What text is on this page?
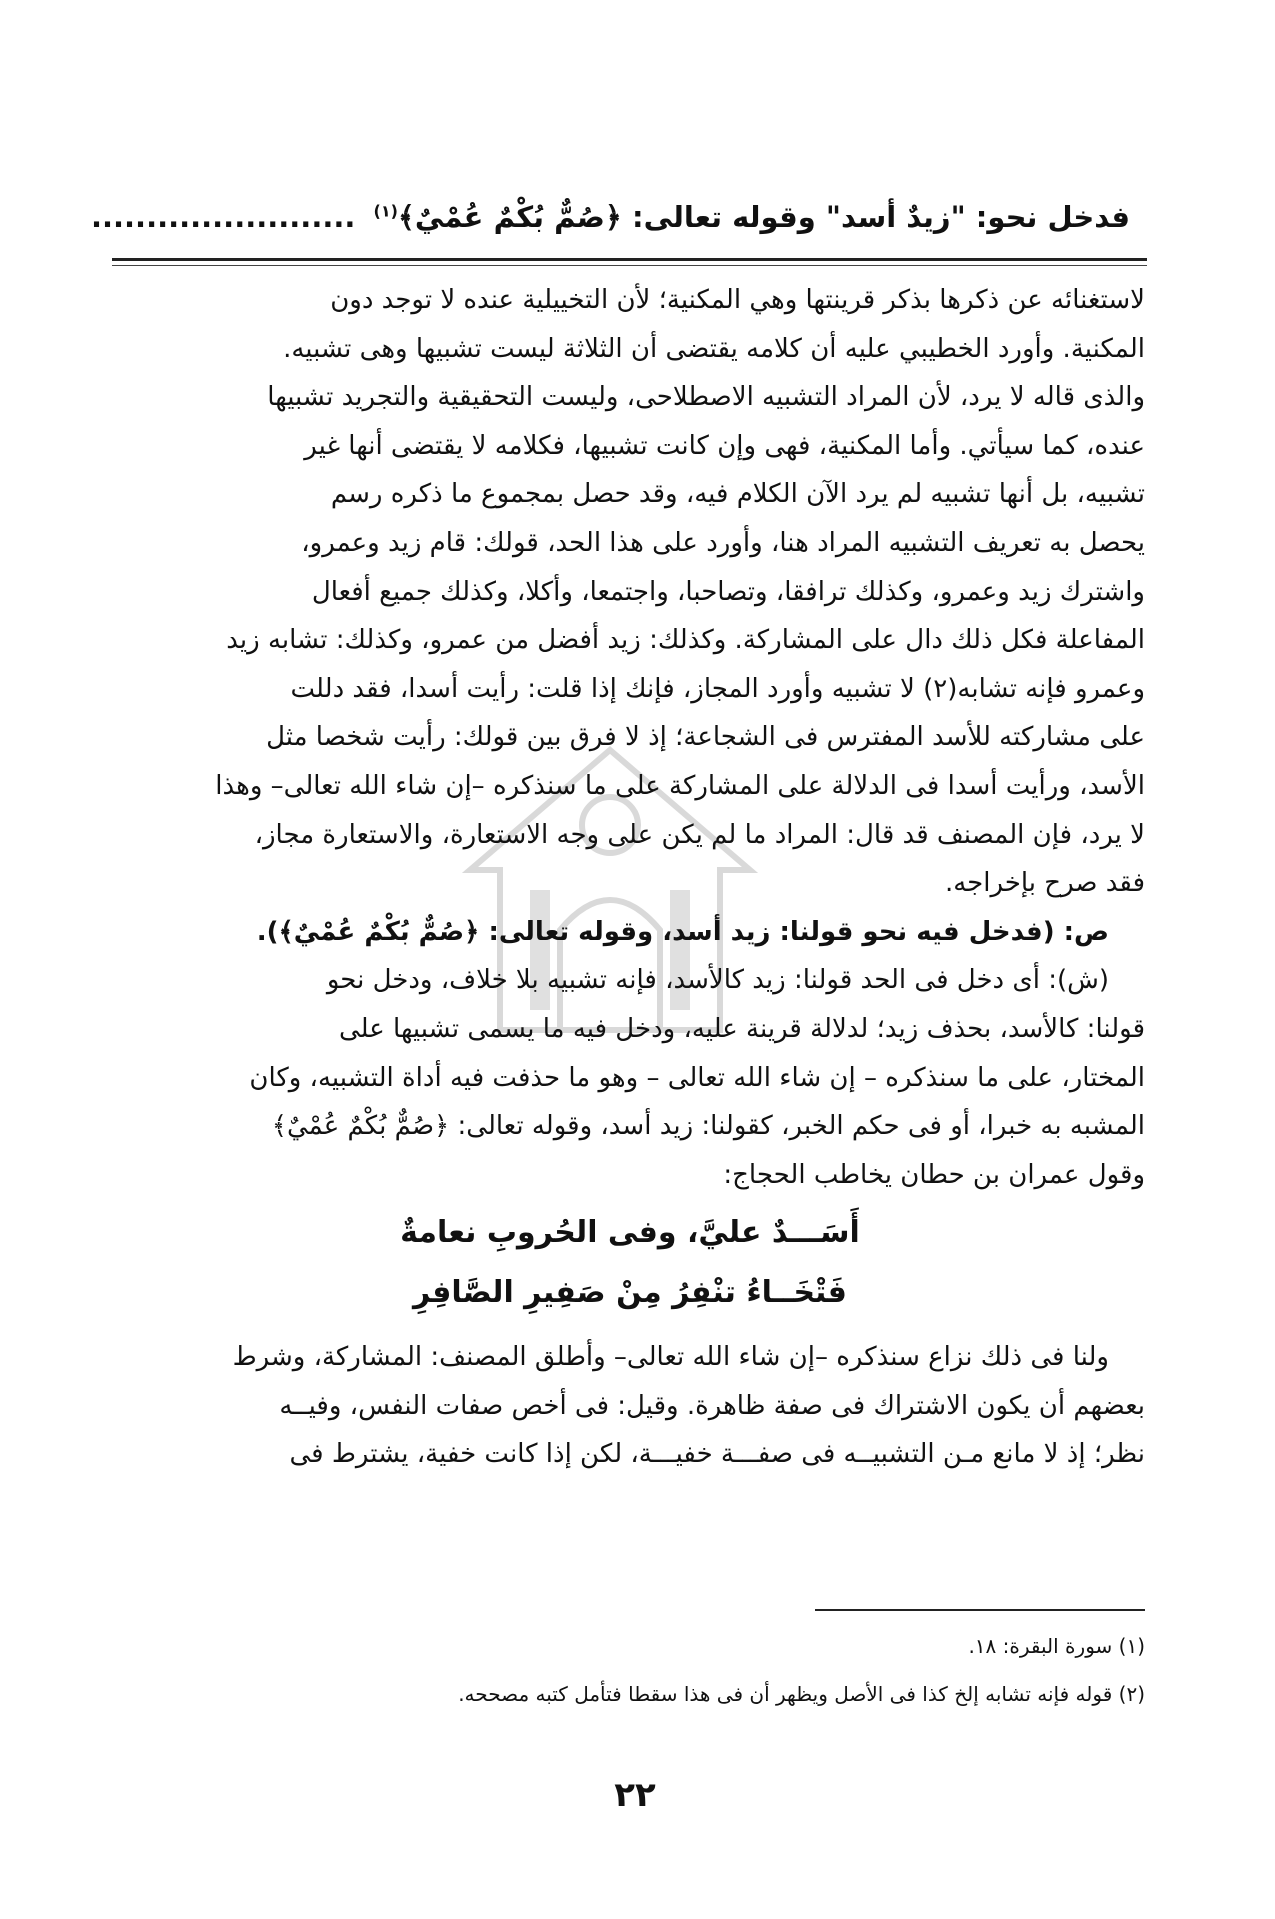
فدخل نحو: "زيدٌ أسد" وقوله تعالى: ﴿صُمٌّ بُكْمٌ عُمْيٌ﴾$^{(١)}$ ........................

لاستغنائه عن ذكرها بذكر قرينتها وهي المكنية؛ لأن التخييلية عنده لا توجد دون

المكنية. وأورد الخطيبي عليه أن كلامه يقتضى أن الثلاثة ليست تشبيها وهى تشبيه.

والذى قاله لا يرد، لأن المراد التشبيه الاصطلاحى، وليست التحقيقية والتجريد تشبيها

عنده، كما سيأتي. وأما المكنية، فهى وإن كانت تشبيها، فكلامه لا يقتضى أنها غير

تشبيه، بل أنها تشبيه لم يرد الآن الكلام فيه، وقد حصل بمجموع ما ذكره رسم

يحصل به تعريف التشبيه المراد هنا، وأورد على هذا الحد، قولك: قام زيد وعمرو،

واشترك زيد وعمرو، وكذلك ترافقا، وتصاحبا، واجتمعا، وأكلا، وكذلك جميع أفعال

المفاعلة فكل ذلك دال على المشاركة. وكذلك: زيد أفضل من عمرو، وكذلك: تشابه زيد

وعمرو فإنه تشابه(٢) لا تشبيه وأورد المجاز، فإنك إذا قلت: رأيت أسدا، فقد دللت

على مشاركته للأسد المفترس فى الشجاعة؛ إذ لا فرق بين قولك: رأيت شخصا مثل

الأسد، ورأيت أسدا فى الدلالة على المشاركة على ما سنذكره –إن شاء الله تعالى– وهذا

لا يرد، فإن المصنف قد قال: المراد ما لم يكن على وجه الاستعارة، والاستعارة مجاز،

فقد صرح بإخراجه.

ص: (فدخل فيه نحو قولنا: زيد أسد، وقوله تعالى: ﴿صُمٌّ بُكْمٌ عُمْيٌ﴾).

(ش): أى دخل فى الحد قولنا: زيد كالأسد، فإنه تشبيه بلا خلاف، ودخل نحو

قولنا: كالأسد، بحذف زيد؛ لدلالة قرينة عليه، ودخل فيه ما يسمى تشبيها على

المختار، على ما سنذكره – إن شاء الله تعالى – وهو ما حذفت فيه أداة التشبيه، وكان

المشبه به خبرا، أو فى حكم الخبر، كقولنا: زيد أسد، وقوله تعالى: ﴿صُمٌّ بُكْمٌ عُمْيٌ﴾

وقول عمران بن حطان يخاطب الحجاج:

أَسَـــدٌ عليَّ، وفى الحُروبِ نعامةٌ فَتْخَــاءُ تنْفِرُ مِنْ صَفِيرِ الصَّافِرِ

ولنا فى ذلك نزاع سنذكره –إن شاء الله تعالى– وأطلق المصنف: المشاركة، وشرط

بعضهم أن يكون الاشتراك فى صفة ظاهرة. وقيل: فى أخص صفات النفس، وفيــه

نظر؛ إذ لا مانع مـن التشبيــه فى صفـــة خفيـــة، لكن إذا كانت خفية، يشترط فى

(١) سورة البقرة: ١٨.

(٢) قوله فإنه تشابه إلخ كذا فى الأصل ويظهر أن فى هذا سقطا فتأمل كتبه مصححه.

٢٢
